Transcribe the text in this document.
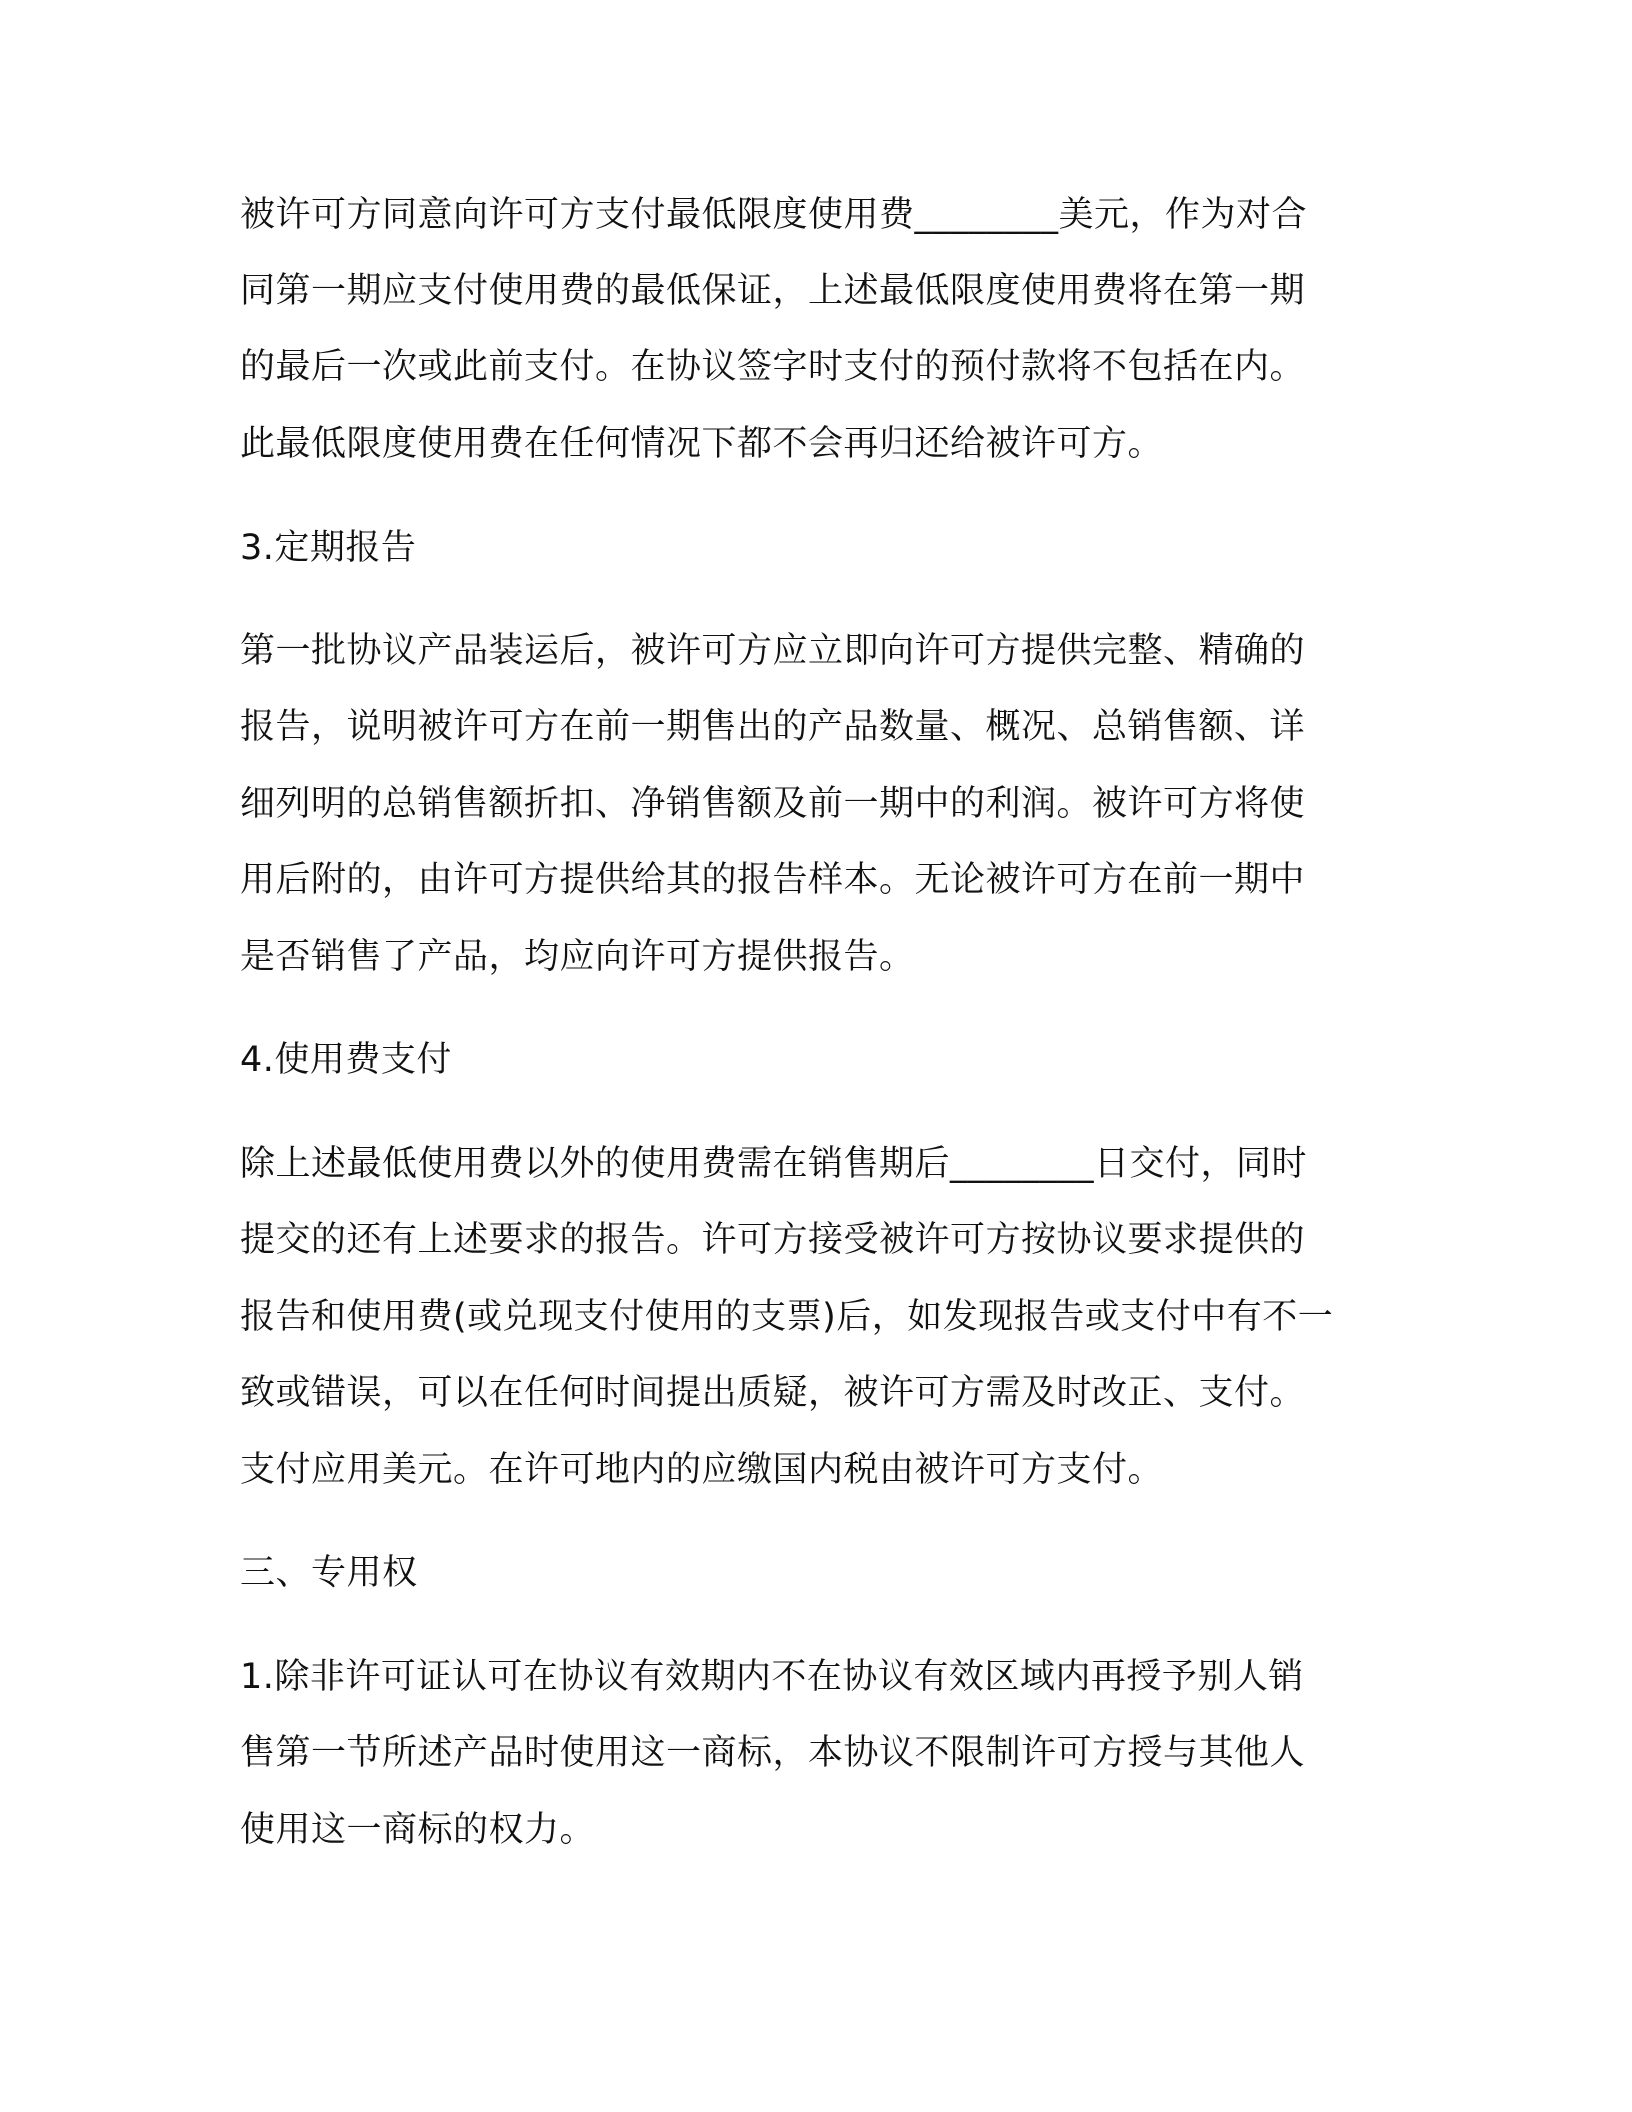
被许可方同意向许可方支付最低限度使用费________美元，作为对合
同第一期应支付使用费的最低保证，上述最低限度使用费将在第一期
的最后一次或此前支付。在协议签字时支付的预付款将不包括在内。
此最低限度使用费在任何情况下都不会再归还给被许可方。
3.定期报告
第一批协议产品装运后，被许可方应立即向许可方提供完整、精确的
报告，说明被许可方在前一期售出的产品数量、概况、总销售额、详
细列明的总销售额折扣、净销售额及前一期中的利润。被许可方将使
用后附的，由许可方提供给其的报告样本。无论被许可方在前一期中
是否销售了产品，均应向许可方提供报告。
4.使用费支付
除上述最低使用费以外的使用费需在销售期后________日交付，同时
提交的还有上述要求的报告。许可方接受被许可方按协议要求提供的
报告和使用费(或兑现支付使用的支票)后，如发现报告或支付中有不一
致或错误，可以在任何时间提出质疑，被许可方需及时改正、支付。
支付应用美元。在许可地内的应缴国内税由被许可方支付。
三、专用权
1.除非许可证认可在协议有效期内不在协议有效区域内再授予别人销
售第一节所述产品时使用这一商标，本协议不限制许可方授与其他人
使用这一商标的权力。
